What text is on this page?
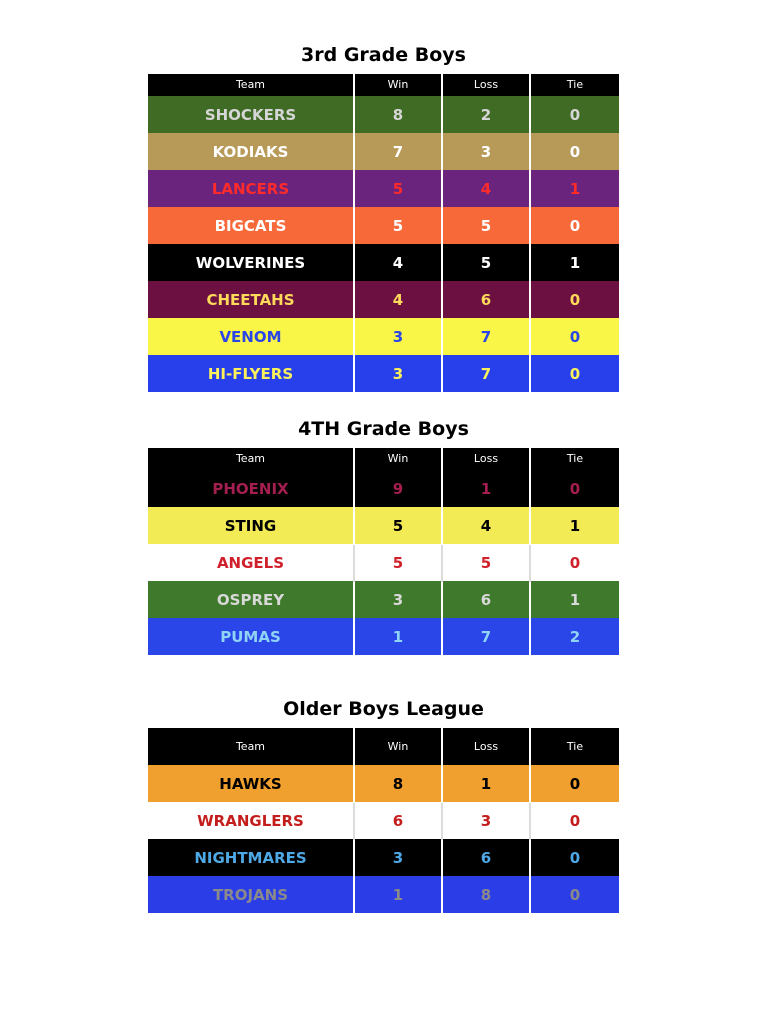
3rd Grade Boys
Team	Win	Loss	Tie
SHOCKERS	8	2	0
KODIAKS	7	3	0
LANCERS	5	4	1
BIGCATS	5	5	0
WOLVERINES	4	5	1
CHEETAHS	4	6	0
VENOM	3	7	0
HI-FLYERS	3	7	0
4TH Grade Boys
Team	Win	Loss	Tie
PHOENIX	9	1	0
STING	5	4	1
ANGELS	5	5	0
OSPREY	3	6	1
PUMAS	1	7	2
Older Boys League
Team	Win	Loss	Tie
HAWKS	8	1	0
WRANGLERS	6	3	0
NIGHTMARES	3	6	0
TROJANS	1	8	0
